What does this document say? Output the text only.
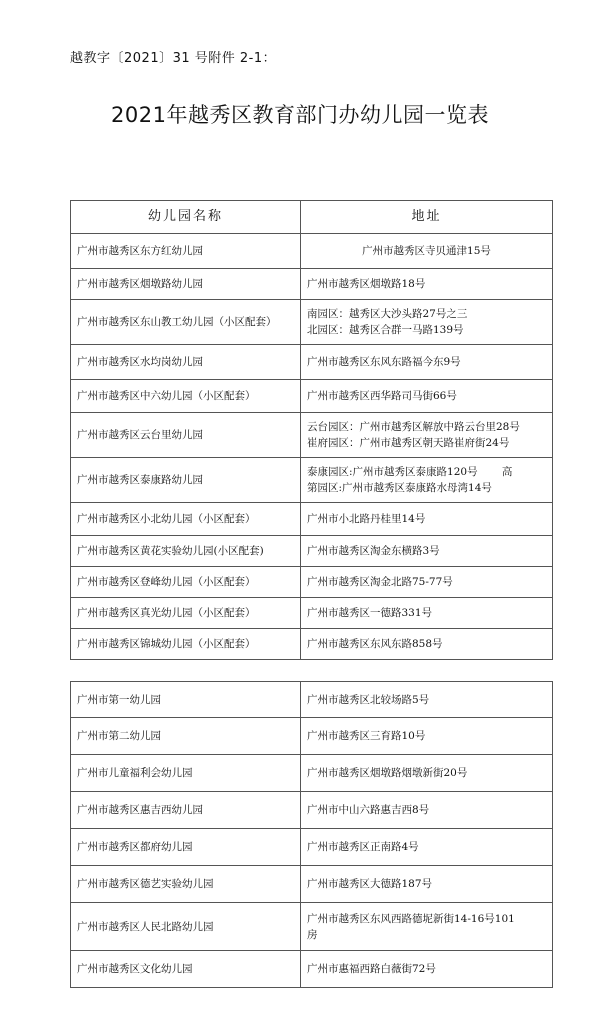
越教字〔2021〕31 号附件 2-1：
2021年越秀区教育部门办幼儿园一览表
幼儿园名称	地址
广州市越秀区东方红幼儿园	广州市越秀区寺贝通津15号

广州市越秀区烟墩路幼儿园	广州市越秀区烟墩路18号

广州市越秀区东山教工幼儿园（小区配套）	南园区：越秀区大沙头路27号之三
北园区：越秀区合群一马路139号

广州市越秀区水均岗幼儿园	广州市越秀区东风东路福今东9号

广州市越秀区中六幼儿园（小区配套）	广州市越秀区西华路司马街66号

广州市越秀区云台里幼儿园	云台园区：广州市越秀区解放中路云台里28号
崔府园区：广州市越秀区朝天路崔府街24号

广州市越秀区泰康路幼儿园	泰康园区:广州市越秀区泰康路120号　　 高
第园区:广州市越秀区泰康路水母湾14号

广州市越秀区小北幼儿园（小区配套）	广州市小北路丹桂里14号

广州市越秀区黄花实验幼儿园(小区配套)	广州市越秀区淘金东横路3号

广州市越秀区登峰幼儿园（小区配套）	广州市越秀区淘金北路75-77号

广州市越秀区真光幼儿园（小区配套）	广州市越秀区一德路331号

广州市越秀区锦城幼儿园（小区配套）	广州市越秀区东风东路858号
广州市第一幼儿园	广州市越秀区北较场路5号

广州市第二幼儿园	广州市越秀区三育路10号

广州市儿童福利会幼儿园	广州市越秀区烟墩路烟墩新街20号

广州市越秀区惠吉西幼儿园	广州市中山六路惠吉西8号

广州市越秀区都府幼儿园	广州市越秀区正南路4号

广州市越秀区德艺实验幼儿园	广州市越秀区大德路187号

广州市越秀区人民北路幼儿园	广州市越秀区东风西路德坭新街14-16号101
房

广州市越秀区文化幼儿园	广州市惠福西路白薇街72号
